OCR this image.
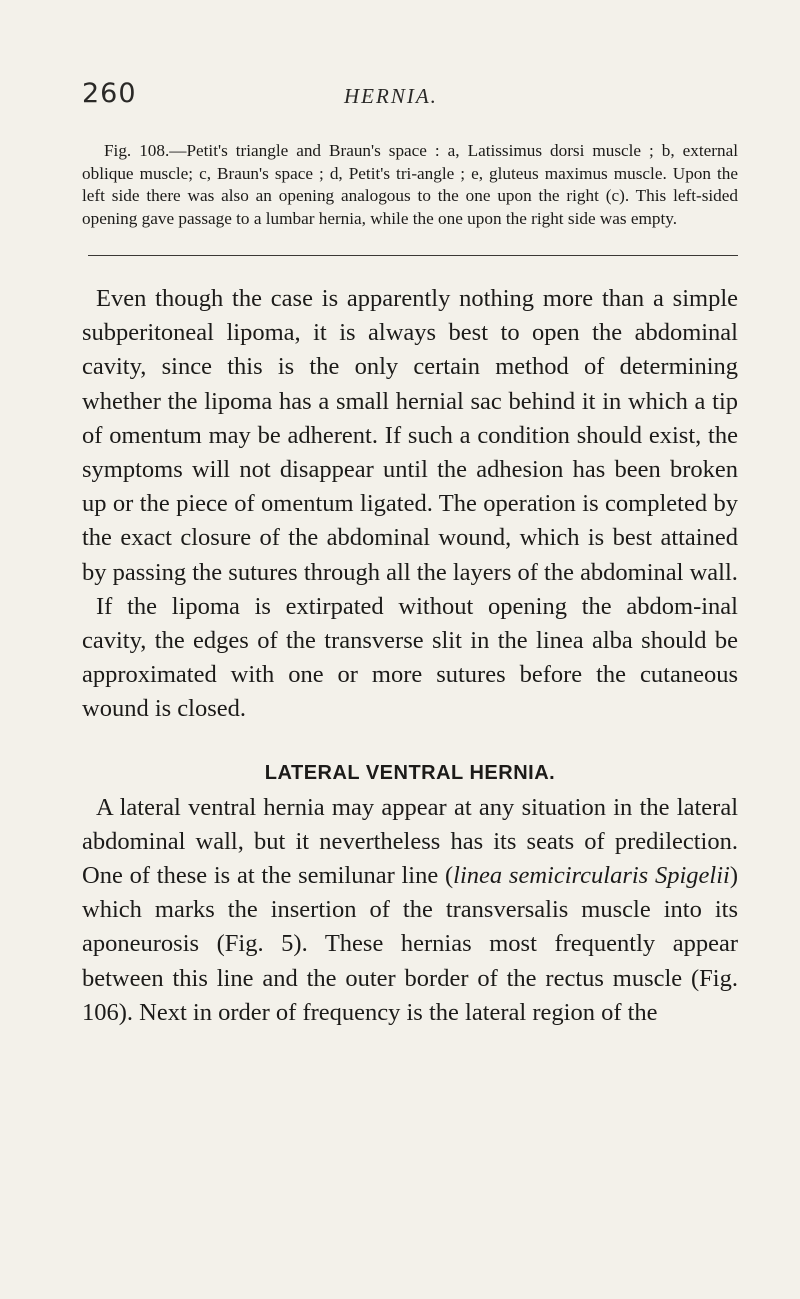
260	HERNIA.

Fig. 108.—Petit's triangle and Braun's space : a, Latissimus dorsi muscle ; b, external oblique muscle; c, Braun's space ; d, Petit's tri-angle ; e, gluteus maximus muscle. Upon the left side there was also an opening analogous to the one upon the right (c). This left-sided opening gave passage to a lumbar hernia, while the one upon the right side was empty.

Even though the case is apparently nothing more than a simple subperitoneal lipoma, it is always best to open the abdominal cavity, since this is the only certain method of determining whether the lipoma has a small hernial sac behind it in which a tip of omentum may be adherent. If such a condition should exist, the symptoms will not disappear until the adhesion has been broken up or the piece of omentum ligated. The operation is completed by the exact closure of the abdominal wound, which is best attained by passing the sutures through all the layers of the abdominal wall.

If the lipoma is extirpated without opening the abdom-inal cavity, the edges of the transverse slit in the linea alba should be approximated with one or more sutures before the cutaneous wound is closed.

LATERAL VENTRAL HERNIA.

A lateral ventral hernia may appear at any situation in the lateral abdominal wall, but it nevertheless has its seats of predilection. One of these is at the semilunar line (linea semicircularis Spigelii) which marks the insertion of the transversalis muscle into its aponeurosis (Fig. 5). These hernias most frequently appear between this line and the outer border of the rectus muscle (Fig. 106). Next in order of frequency is the lateral region of the
